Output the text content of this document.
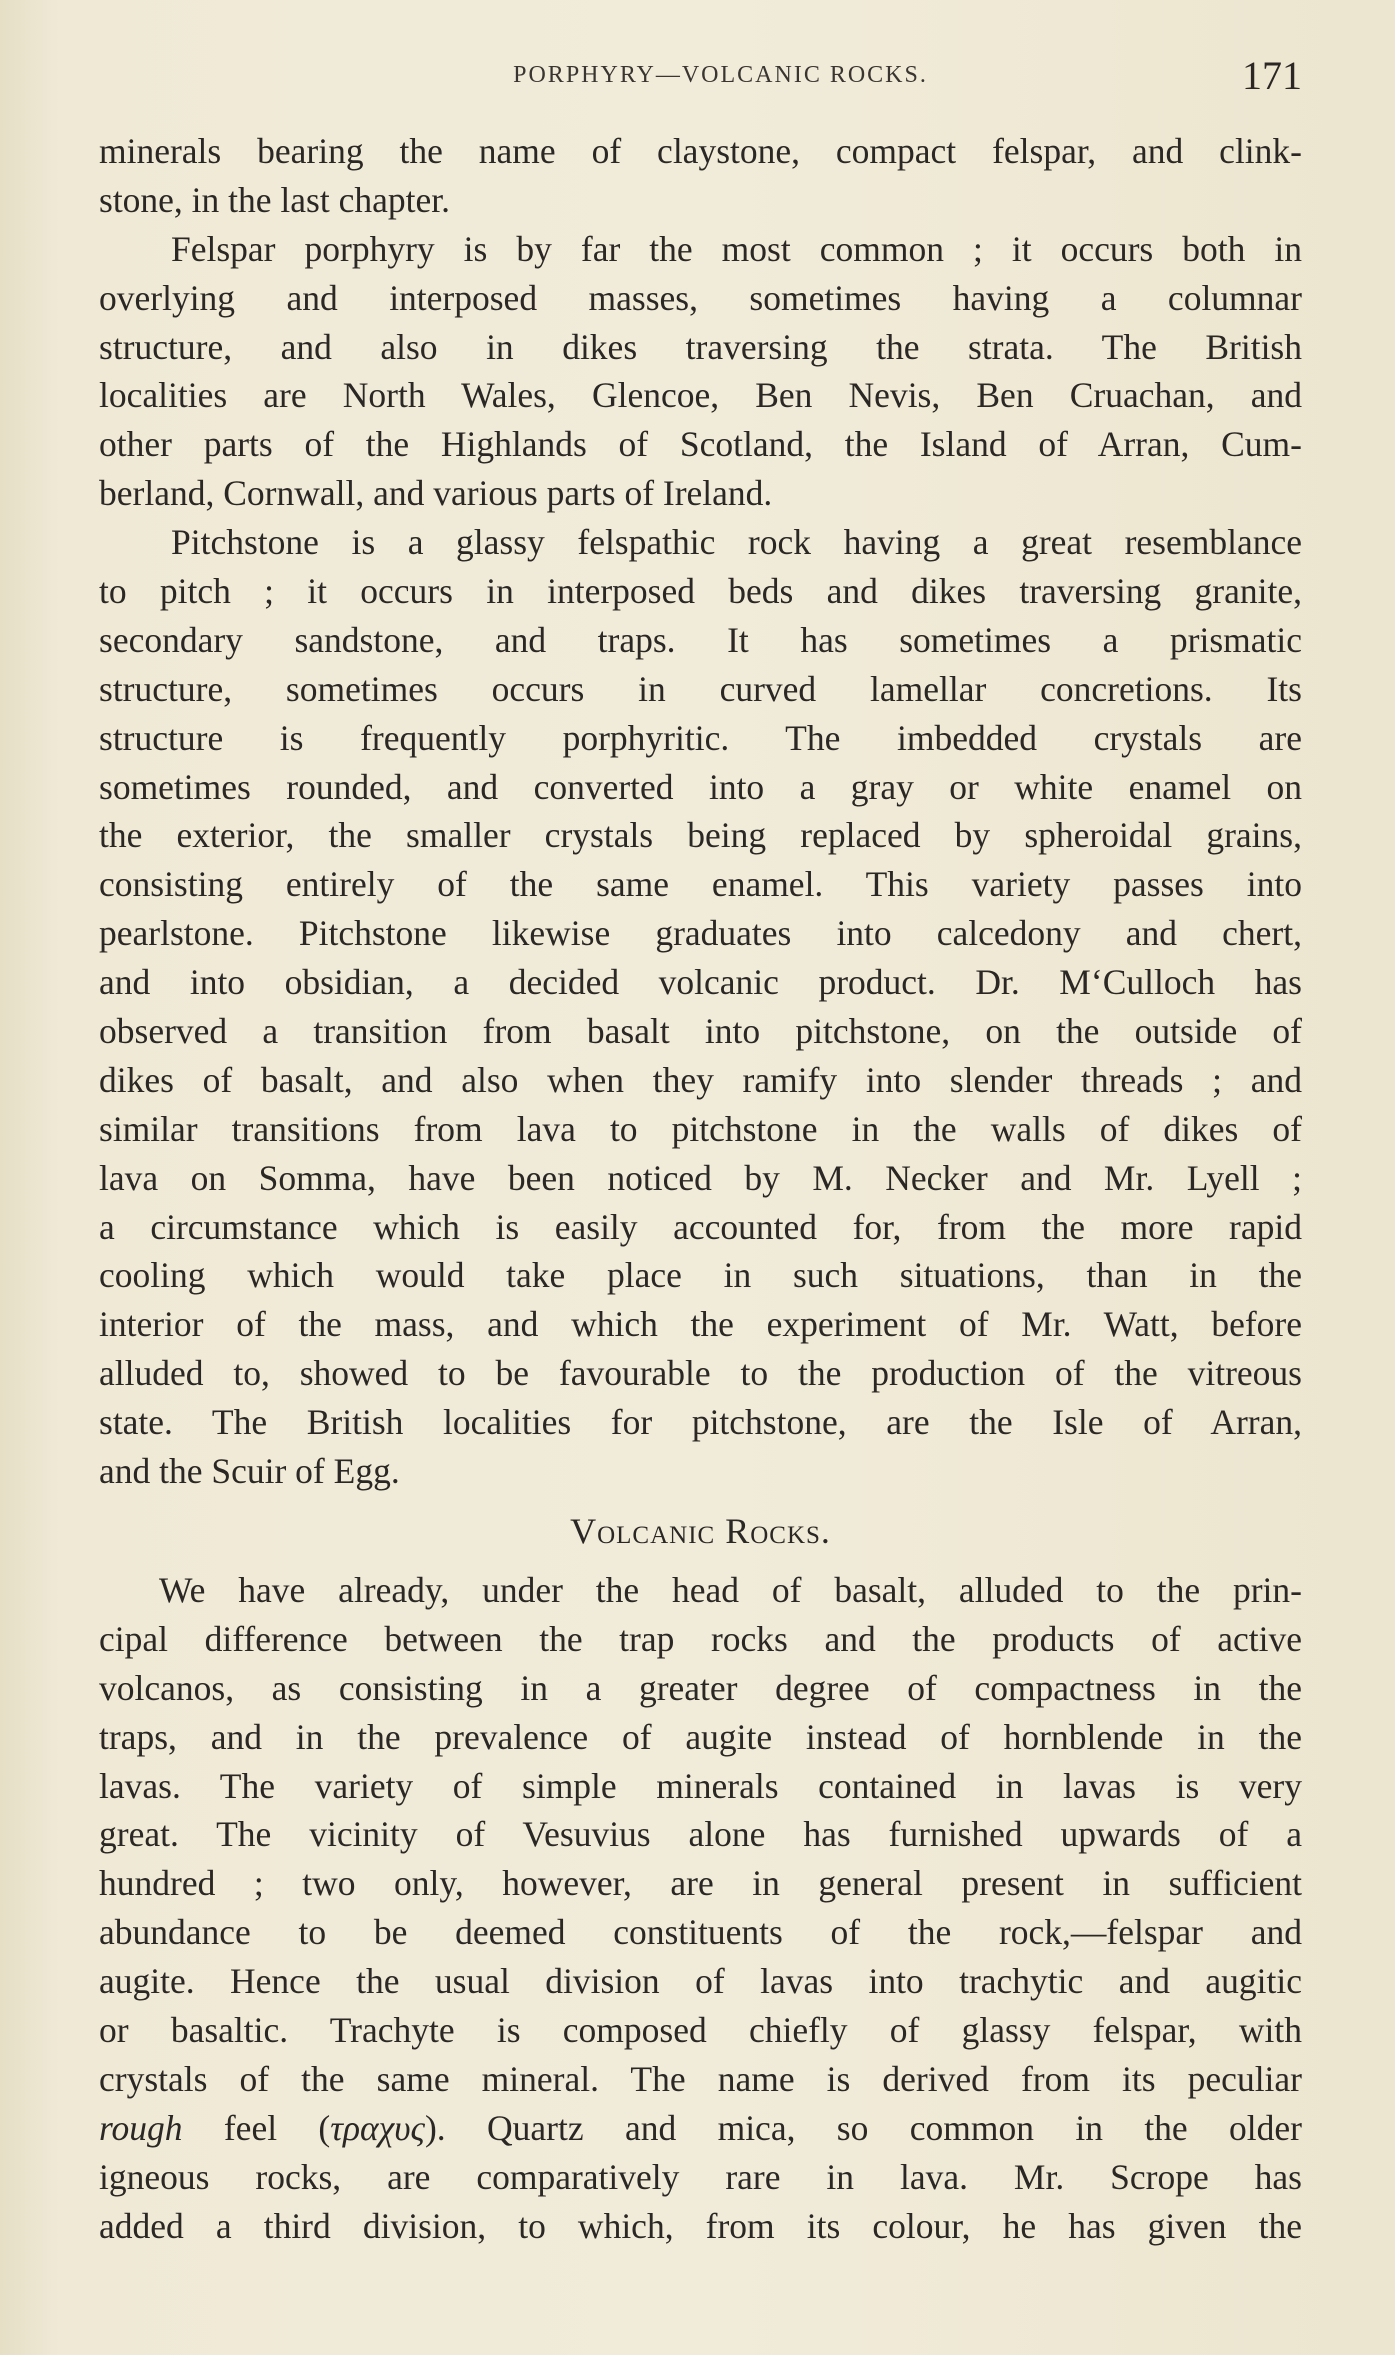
PORPHYRY—VOLCANIC ROCKS.	171
minerals bearing the name of claystone, compact felspar, and clink-
stone, in the last chapter.
Felspar porphyry is by far the most common ; it occurs both in
overlying and interposed masses, sometimes having a columnar
structure, and also in dikes traversing the strata. The British
localities are North Wales, Glencoe, Ben Nevis, Ben Cruachan, and
other parts of the Highlands of Scotland, the Island of Arran, Cum-
berland, Cornwall, and various parts of Ireland.
Pitchstone is a glassy felspathic rock having a great resemblance
to pitch ; it occurs in interposed beds and dikes traversing granite,
secondary sandstone, and traps. It has sometimes a prismatic
structure, sometimes occurs in curved lamellar concretions. Its
structure is frequently porphyritic. The imbedded crystals are
sometimes rounded, and converted into a gray or white enamel on
the exterior, the smaller crystals being replaced by spheroidal grains,
consisting entirely of the same enamel. This variety passes into
pearlstone. Pitchstone likewise graduates into calcedony and chert,
and into obsidian, a decided volcanic product. Dr. M‘Culloch has
observed a transition from basalt into pitchstone, on the outside of
dikes of basalt, and also when they ramify into slender threads ; and
similar transitions from lava to pitchstone in the walls of dikes of
lava on Somma, have been noticed by M. Necker and Mr. Lyell ;
a circumstance which is easily accounted for, from the more rapid
cooling which would take place in such situations, than in the
interior of the mass, and which the experiment of Mr. Watt, before
alluded to, showed to be favourable to the production of the vitreous
state. The British localities for pitchstone, are the Isle of Arran,
and the Scuir of Egg.
Volcanic Rocks.
We have already, under the head of basalt, alluded to the prin-
cipal difference between the trap rocks and the products of active
volcanos, as consisting in a greater degree of compactness in the
traps, and in the prevalence of augite instead of hornblende in the
lavas. The variety of simple minerals contained in lavas is very
great. The vicinity of Vesuvius alone has furnished upwards of a
hundred ; two only, however, are in general present in sufficient
abundance to be deemed constituents of the rock,—felspar and
augite. Hence the usual division of lavas into trachytic and augitic
or basaltic. Trachyte is composed chiefly of glassy felspar, with
crystals of the same mineral. The name is derived from its peculiar
rough feel (τραχυς). Quartz and mica, so common in the older
igneous rocks, are comparatively rare in lava. Mr. Scrope has
added a third division, to which, from its colour, he has given the
